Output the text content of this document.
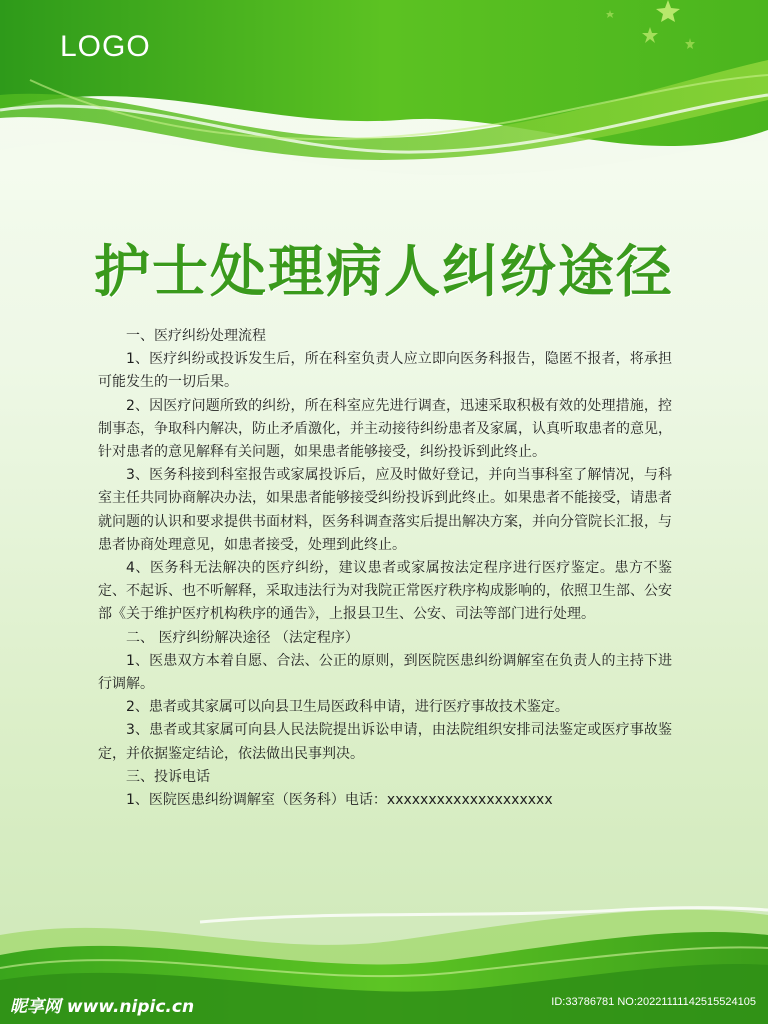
LOGO
护士处理病人纠纷途径

一、医疗纠纷处理流程

1、医疗纠纷或投诉发生后，所在科室负责人应立即向医务科报告，隐匿不报者，将承担可能发生的一切后果。

2、因医疗问题所致的纠纷，所在科室应先进行调查，迅速采取积极有效的处理措施，控制事态，争取科内解决，防止矛盾激化，并主动接待纠纷患者及家属，认真听取患者的意见，针对患者的意见解释有关问题，如果患者能够接受，纠纷投诉到此终止。

3、医务科接到科室报告或家属投诉后，应及时做好登记，并向当事科室了解情况，与科室主任共同协商解决办法，如果患者能够接受纠纷投诉到此终止。如果患者不能接受，请患者就问题的认识和要求提供书面材料，医务科调查落实后提出解决方案，并向分管院长汇报，与患者协商处理意见，如患者接受，处理到此终止。

4、医务科无法解决的医疗纠纷，建议患者或家属按法定程序进行医疗鉴定。患方不鉴定、不起诉、也不听解释，采取违法行为对我院正常医疗秩序构成影响的，依照卫生部、公安部《关于维护医疗机构秩序的通告》，上报县卫生、公安、司法等部门进行处理。

二、 医疗纠纷解决途径 （法定程序）

1、医患双方本着自愿、合法、公正的原则，到医院医患纠纷调解室在负责人的主持下进行调解。

2、患者或其家属可以向县卫生局医政科申请，进行医疗事故技术鉴定。

3、患者或其家属可向县人民法院提出诉讼申请，由法院组织安排司法鉴定或医疗事故鉴定，并依据鉴定结论，依法做出民事判决。

三、投诉电话

1、医院医患纠纷调解室（医务科）电话：xxxxxxxxxxxxxxxxxxxx

昵享网 www.nipic.cn	ID:33786781 NO:20221111142515524105
